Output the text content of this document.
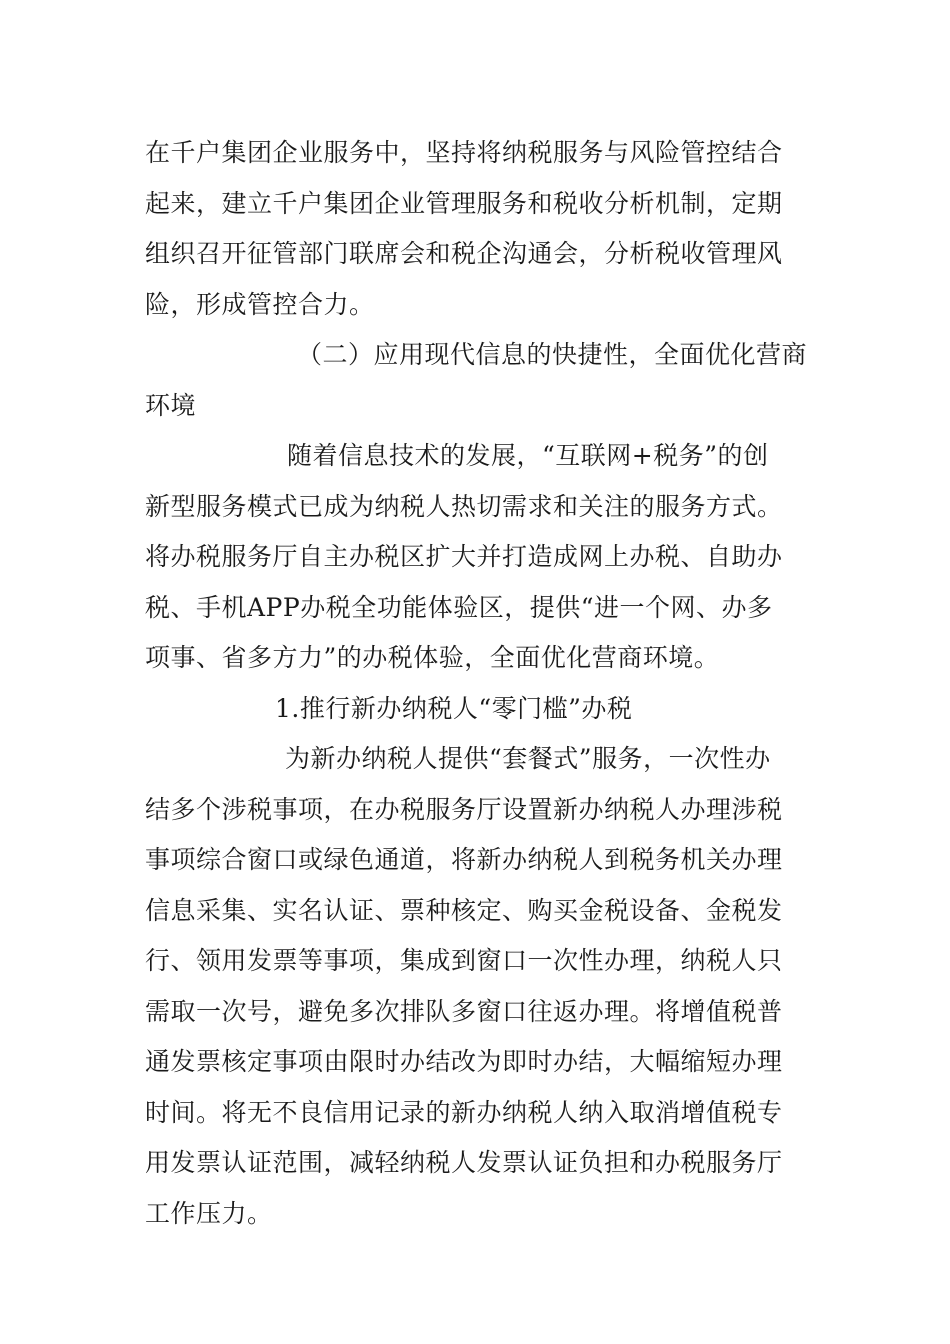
在千户集团企业服务中，坚持将纳税服务与风险管控结合
起来，建立千户集团企业管理服务和税收分析机制，定期
组织召开征管部门联席会和税企沟通会，分析税收管理风
险，形成管控合力。
（二）应用现代信息的快捷性，全面优化营商
环境
随着信息技术的发展，“互联网+税务”的创
新型服务模式已成为纳税人热切需求和关注的服务方式。
将办税服务厅自主办税区扩大并打造成网上办税、自助办
税、手机APP办税全功能体验区，提供“进一个网、办多
项事、省多方力”的办税体验，全面优化营商环境。
1.推行新办纳税人“零门槛”办税
为新办纳税人提供“套餐式”服务，一次性办
结多个涉税事项，在办税服务厅设置新办纳税人办理涉税
事项综合窗口或绿色通道，将新办纳税人到税务机关办理
信息采集、实名认证、票种核定、购买金税设备、金税发
行、领用发票等事项，集成到窗口一次性办理，纳税人只
需取一次号，避免多次排队多窗口往返办理。将增值税普
通发票核定事项由限时办结改为即时办结，大幅缩短办理
时间。将无不良信用记录的新办纳税人纳入取消增值税专
用发票认证范围，减轻纳税人发票认证负担和办税服务厅
工作压力。
